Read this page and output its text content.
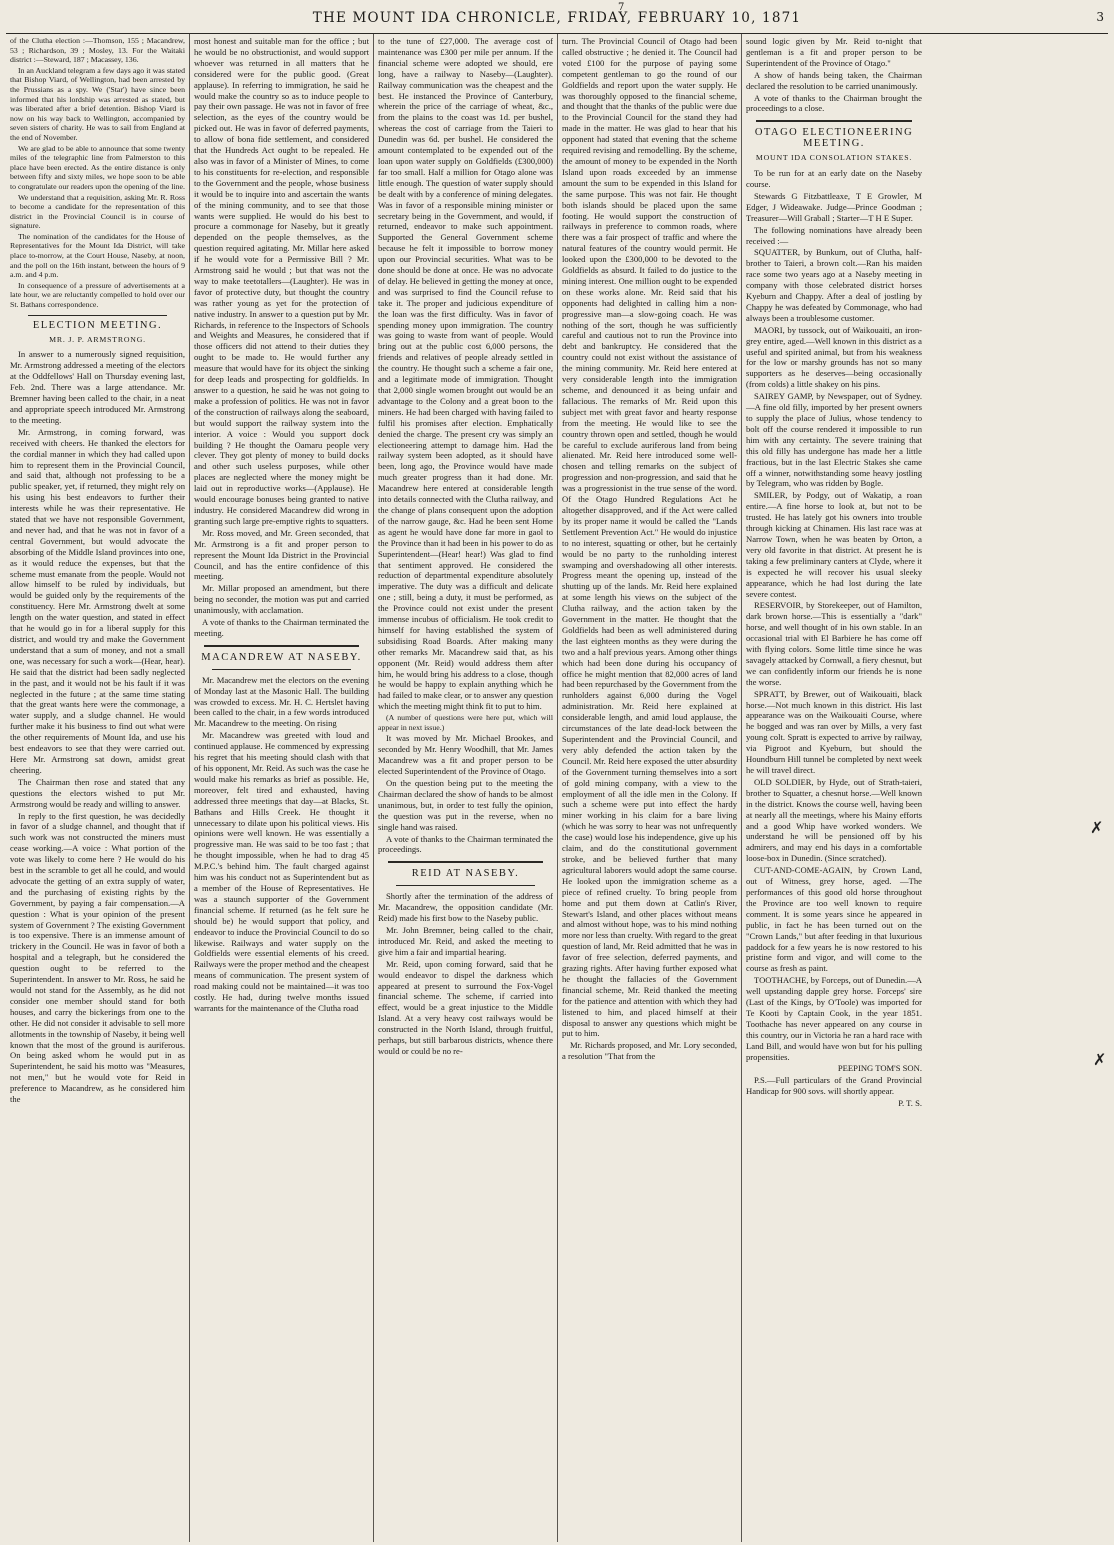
7
THE MOUNT IDA CHRONICLE, FRIDAY, FEBRUARY 10, 1871	3

of the Clutha election :—Thomson, 155 ; Macandrew, 53 ; Richardson, 39 ; Mosley, 13. For the Waitaki district :—Steward, 187 ; Macassey, 136.

In an Auckland telegram a few days ago it was stated that Bishop Viard, of Wellington, had been arrested by the Prussians as a spy. We ('Star') have since been informed that his lordship was arrested as stated, but was liberated after a brief detention. Bishop Viard is now on his way back to Wellington, accompanied by seven sisters of charity. He was to sail from England at the end of November.

We are glad to be able to announce that some twenty miles of the telegraphic line from Palmerston to this place have been erected. As the entire distance is only between fifty and sixty miles, we hope soon to be able to congratulate our readers upon the opening of the line.

We understand that a requisition, asking Mr. R. Ross to become a candidate for the representation of this district in the Provincial Council is in course of signature.

The nomination of the candidates for the House of Representatives for the Mount Ida District, will take place to-morrow, at the Court House, Naseby, at noon, and the poll on the 16th instant, between the hours of 9 a.m. and 4 p.m.

In consequence of a pressure of advertisements at a late hour, we are reluctantly compelled to hold over our St. Bathans correspondence.

ELECTION MEETING.
MR. J. P. ARMSTRONG.

In answer to a numerously signed requisition, Mr. Armstrong addressed a meeting of the electors at the Oddfellows' Hall on Thursday evening last, Feb. 2nd. There was a large attendance. Mr. Bremner having been called to the chair, in a neat and appropriate speech introduced Mr. Armstrong to the meeting.

Mr. Armstrong, in coming forward, was received with cheers. He thanked the electors for the cordial manner in which they had called upon him to represent them in the Provincial Council, and said that, although not professing to be a public speaker, yet, if returned, they might rely on his using his best endeavors to further their interests while he was their representative. He stated that we have not responsible Government, and never had, and that he was not in favor of a central Government, but would advocate the absorbing of the Middle Island provinces into one, as it would reduce the expenses, but that the scheme must emanate from the people. Would not allow himself to be ruled by individuals, but would be guided only by the requirements of the constituency. Here Mr. Armstrong dwelt at some length on the water question, and stated in effect that he would go in for a liberal supply for this district, and would try and make the Government understand that a sum of money, and not a small one, was necessary for such a work—(Hear, hear). He said that the district had been sadly neglected in the past, and it would not be his fault if it was neglected in the future ; at the same time stating that the great wants here were the commonage, a water supply, and a sludge channel. He would further make it his business to find out what were the other requirements of Mount Ida, and use his best endeavors to see that they were carried out. Here Mr. Armstrong sat down, amidst great cheering.

The Chairman then rose and stated that any questions the electors wished to put Mr. Armstrong would be ready and willing to answer.

In reply to the first question, he was decidedly in favor of a sludge channel, and thought that if such work was not constructed the miners must cease working.—A voice : What portion of the vote was likely to come here ? He would do his best in the scramble to get all he could, and would advocate the getting of an extra supply of water, and the purchasing of existing rights by the Government, by paying a fair compensation.—A question : What is your opinion of the present system of Government ? The existing Government is too expensive. There is an immense amount of trickery in the Council. He was in favor of both a hospital and a telegraph, but he considered the question ought to be referred to the Superintendent. In answer to Mr. Ross, he said he would not stand for the Assembly, as he did not consider one member should stand for both houses, and carry the bickerings from one to the other. He did not consider it advisable to sell more allotments in the township of Naseby, it being well known that the most of the ground is auriferous. On being asked whom he would put in as Superintendent, he said his motto was "Measures, not men," but he would vote for Reid in preference to Macandrew, as he considered him the

most honest and suitable man for the office ; but he would be no obstructionist, and would support whoever was returned in all matters that he considered were for the public good. (Great applause). In referring to immigration, he said he would make the country so as to induce people to pay their own passage. He was not in favor of free selection, as the eyes of the country would be picked out. He was in favor of deferred payments, to allow of bona fide settlement, and considered that the Hundreds Act ought to be repealed. He also was in favor of a Minister of Mines, to come to his constituents for re-election, and responsible to the Government and the people, whose business it would be to inquire into and ascertain the wants of the mining community, and to see that those wants were supplied. He would do his best to procure a commonage for Naseby, but it greatly depended on the people themselves, as the question required agitating. Mr. Millar here asked if he would vote for a Permissive Bill ? Mr. Armstrong said he would ; but that was not the way to make teetotallers—(Laughter). He was in favor of protective duty, but thought the country was rather young as yet for the protection of native industry. In answer to a question put by Mr. Richards, in reference to the Inspectors of Schools and Weights and Measures, he considered that if those officers did not attend to their duties they ought to be made to. He would further any measure that would have for its object the sinking for deep leads and prospecting for goldfields. In answer to a question, he said he was not going to make a profession of politics. He was not in favor of the construction of railways along the seaboard, but would support the railway system into the interior. A voice : Would you support dock building ? He thought the Oamaru people very clever. They got plenty of money to build docks and other such useless purposes, while other places are neglected where the money might be laid out in reproductive works—(Applause). He would encourage bonuses being granted to native industry. He considered Macandrew did wrong in granting such large pre-emptive rights to squatters.

Mr. Ross moved, and Mr. Green seconded, that Mr. Armstrong is a fit and proper person to represent the Mount Ida District in the Provincial Council, and has the entire confidence of this meeting.

Mr. Millar proposed an amendment, but there being no seconder, the motion was put and carried unanimously, with acclamation.

A vote of thanks to the Chairman terminated the meeting.

MACANDREW AT NASEBY.

Mr. Macandrew met the electors on the evening of Monday last at the Masonic Hall. The building was crowded to excess. Mr. H. C. Hertslet having been called to the chair, in a few words introduced Mr. Macandrew to the meeting. On rising

Mr. Macandrew was greeted with loud and continued applause. He commenced by expressing his regret that his meeting should clash with that of his opponent, Mr. Reid. As such was the case he would make his remarks as brief as possible. He, moreover, felt tired and exhausted, having addressed three meetings that day—at Blacks, St. Bathans and Hills Creek. He thought it unnecessary to dilate upon his political views. His opinions were well known. He was essentially a progressive man. He was said to be too fast ; that he thought impossible, when he had to drag 45 M.P.C.'s behind him. The fault charged against him was his conduct not as Superintendent but as a member of the House of Representatives. He was a staunch supporter of the Government financial scheme. If returned (as he felt sure he should be) he would support that policy, and endeavor to induce the Provincial Council to do so likewise. Railways and water supply on the Goldfields were essential elements of his creed. Railways were the proper method and the cheapest means of communication. The present system of road making could not be maintained—it was too costly. He had, during twelve months issued warrants for the maintenance of the Clutha road

to the tune of £27,000. The average cost of maintenance was £300 per mile per annum. If the financial scheme were adopted we should, ere long, have a railway to Naseby—(Laughter). Railway communication was the cheapest and the best. He instanced the Province of Canterbury, wherein the price of the carriage of wheat, &c., from the plains to the coast was 1d. per bushel, whereas the cost of carriage from the Taieri to Dunedin was 6d. per bushel. He considered the amount contemplated to be expended out of the loan upon water supply on Goldfields (£300,000) far too small. Half a million for Otago alone was little enough. The question of water supply should be dealt with by a conference of mining delegates. Was in favor of a responsible mining minister or secretary being in the Government, and would, if returned, endeavor to make such appointment. Supported the General Government scheme because he felt it impossible to borrow money upon our Provincial securities. What was to be done should be done at once. He was no advocate of delay. He believed in getting the money at once, and was surprised to find the Council refuse to take it. The proper and judicious expenditure of the loan was the first difficulty. Was in favor of spending money upon immigration. The country was going to waste from want of people. Would bring out at the public cost 6,000 persons, the friends and relatives of people already settled in the country. He thought such a scheme a fair one, and a legitimate mode of immigration. Thought that 2,000 single women brought out would be an advantage to the Colony and a great boon to the miners. He had been charged with having failed to fulfil his promises after election. Emphatically denied the charge. The present cry was simply an electioneering attempt to damage him. Had the railway system been adopted, as it should have been, long ago, the Province would have made much greater progress than it had done. Mr. Macandrew here entered at considerable length into details connected with the Clutha railway, and the change of plans consequent upon the adoption of the narrow gauge, &c. Had he been sent Home as agent he would have done far more in gaol to the Province than it had been in his power to do as Superintendent—(Hear! hear!) Was glad to find that sentiment approved. He considered the reduction of departmental expenditure absolutely imperative. The duty was a difficult and delicate one ; still, being a duty, it must be performed, as the Province could not exist under the present immense incubus of officialism. He took credit to himself for having established the system of subsidising Road Boards. After making many other remarks Mr. Macandrew said that, as his opponent (Mr. Reid) would address them after him, he would bring his address to a close, though he would be happy to explain anything which he had failed to make clear, or to answer any question which the meeting might think fit to put to him.

(A number of questions were here put, which will appear in next issue.)

It was moved by Mr. Michael Brookes, and seconded by Mr. Henry Woodhill, that Mr. James Macandrew was a fit and proper person to be elected Superintendent of the Province of Otago.

On the question being put to the meeting the Chairman declared the show of hands to be almost unanimous, but, in order to test fully the opinion, the question was put in the reverse, when no single hand was raised.

A vote of thanks to the Chairman terminated the proceedings.

REID AT NASEBY.

Shortly after the termination of the address of Mr. Macandrew, the opposition candidate (Mr. Reid) made his first bow to the Naseby public.

Mr. John Bremner, being called to the chair, introduced Mr. Reid, and asked the meeting to give him a fair and impartial hearing.

Mr. Reid, upon coming forward, said that he would endeavor to dispel the darkness which appeared at present to surround the Fox-Vogel financial scheme. The scheme, if carried into effect, would be a great injustice to the Middle Island. At a very heavy cost railways would be constructed in the North Island, through fruitful, perhaps, but still barbarous districts, whence there would or could be no re-

turn. The Provincial Council of Otago had been called obstructive ; he denied it. The Council had voted £100 for the purpose of paying some competent gentleman to go the round of our Goldfields and report upon the water supply. He was thoroughly opposed to the financial scheme, and thought that the thanks of the public were due to the Provincial Council for the stand they had made in the matter. He was glad to hear that his opponent had stated that evening that the scheme required revising and remodelling. By the scheme, the amount of money to be expended in the North Island upon roads exceeded by an immense amount the sum to be expended in this Island for the same purpose. This was not fair. He thought both islands should be placed upon the same footing. He would support the construction of railways in preference to common roads, where there was a fair prospect of traffic and where the natural features of the country would permit. He looked upon the £300,000 to be devoted to the Goldfields as absurd. It failed to do justice to the mining interest. One million ought to be expended on these works alone. Mr. Reid said that his opponents had delighted in calling him a non-progressive man—a slow-going coach. He was nothing of the sort, though he was sufficiently careful and cautious not to run the Province into debt and bankruptcy. He considered that the country could not exist without the assistance of the mining community. Mr. Reid here entered at very considerable length into the immigration scheme, and denounced it as being unfair and fallacious. The remarks of Mr. Reid upon this subject met with great favor and hearty response from the meeting. He would like to see the country thrown open and settled, though he would be careful to exclude auriferous land from being alienated. Mr. Reid here introduced some well-chosen and telling remarks on the subject of progression and non-progression, and said that he was a progressionist in the true sense of the word. Of the Otago Hundred Regulations Act he altogether disapproved, and if the Act were called by its proper name it would be called the "Lands Settlement Prevention Act." He would do injustice to no interest, squatting or other, but he certainly would be no party to the runholding interest swamping and overshadowing all other interests. Progress meant the opening up, instead of the shutting up of the lands. Mr. Reid here explained at some length his views on the subject of the Clutha railway, and the action taken by the Government in the matter. He thought that the Goldfields had been as well administered during the last eighteen months as they were during the two and a half previous years. Among other things which had been done during his occupancy of office he might mention that 82,000 acres of land had been repurchased by the Government from the runholders against 6,000 during the Vogel administration. Mr. Reid here explained at considerable length, and amid loud applause, the circumstances of the late dead-lock between the Superintendent and the Provincial Council, and very ably defended the action taken by the Council. Mr. Reid here exposed the utter absurdity of the Government turning themselves into a sort of gold mining company, with a view to the employment of all the idle men in the Colony. If such a scheme were put into effect the hardy miner working in his claim for a bare living (which he was sorry to hear was not unfrequently the case) would lose his independence, give up his claim, and do the constitutional government stroke, and be believed further that many agricultural laborers would adopt the same course. He looked upon the immigration scheme as a piece of refined cruelty. To bring people from home and put them down at Catlin's River, Stewart's Island, and other places without means and almost without hope, was to his mind nothing more nor less than cruelty. With regard to the great question of land, Mr. Reid admitted that he was in favor of free selection, deferred payments, and grazing rights. After having further exposed what he thought the fallacies of the Government financial scheme, Mr. Reid thanked the meeting for the patience and attention with which they had listened to him, and placed himself at their disposal to answer any questions which might be put to him.

Mr. Richards proposed, and Mr. Lory seconded, a resolution "That from the

sound logic given by Mr. Reid to-night that gentleman is a fit and proper person to be Superintendent of the Province of Otago."

A show of hands being taken, the Chairman declared the resolution to be carried unanimously.

A vote of thanks to the Chairman brought the proceedings to a close.

OTAGO ELECTIONEERING MEETING.
MOUNT IDA CONSOLATION STAKES.

To be run for at an early date on the Naseby course.

Stewards G Fitzbattleaxe, T E Growler, M Edger, J Wideawake. Judge—Prince Goodman ; Treasurer—Will Graball ; Starter—T H E Super.

The following nominations have already been received :—

SQUATTER, by Bunkum, out of Clutha, half-brother to Taieri, a brown colt.—Ran his maiden race some two years ago at a Naseby meeting in company with those celebrated district horses Kyeburn and Chappy. After a deal of jostling by Chappy he was defeated by Commonage, who had always been a troublesome customer.

MAORI, by tussock, out of Waikouaiti, an iron-grey entire, aged.—Well known in this district as a useful and spirited animal, but from his weakness for the low or marshy grounds has not so many supporters as he deserves—being occasionally (from colds) a little shakey on his pins.

SAIREY GAMP, by Newspaper, out of Sydney.—A fine old filly, imported by her present owners to supply the place of Julius, whose tendency to bolt off the course rendered it impossible to run him with any certainty. The severe training that this old filly has undergone has made her a little fractious, but in the last Electric Stakes she came off a winner, notwithstanding some heavy jostling by Telegram, who was ridden by Bogle.

SMILER, by Podgy, out of Wakatip, a roan entire.—A fine horse to look at, but not to be trusted. He has lately got his owners into trouble through kicking at Chinamen. His last race was at Narrow Town, when he was beaten by Orton, a very old favorite in that district. At present he is taking a few preliminary canters at Clyde, where it is expected he will recover his usual sleeky appearance, which he had lost during the late severe contest.

RESERVOIR, by Storekeeper, out of Hamilton, dark brown horse.—This is essentially a "dark" horse, and well thought of in his own stable. In an occasional trial with El Barbiere he has come off with flying colors. Some little time since he was savagely attacked by Cornwall, a fiery chesnut, but we can confidently inform our friends he is none the worse.

SPRATT, by Brewer, out of Waikouaiti, black horse.—Not much known in this district. His last appearance was on the Waikouaiti Course, where he bogged and was ran over by Mills, a very fast young colt. Spratt is expected to arrive by railway, via Pigroot and Kyeburn, but should the Houndburn Hill tunnel be completed by next week he will travel direct.

OLD SOLDIER, by Hyde, out of Strath-taieri, brother to Squatter, a chesnut horse.—Well known in the district. Knows the course well, having been at nearly all the meetings, where his Mainy efforts and a good Whip have worked wonders. We understand he will be pensioned off by his admirers, and may end his days in a comfortable loose-box in Dunedin. (Since scratched).

CUT-AND-COME-AGAIN, by Crown Land, out of Witness, grey horse, aged. —The performances of this good old horse throughout the Province are too well known to require comment. It is some years since he appeared in public, in fact he has been turned out on the "Crown Lands," but after feeding in that luxurious paddock for a few years he is now restored to his pristine form and vigor, and will come to the course as fresh as paint.

TOOTHACHE, by Forceps, out of Dunedin.—A well upstanding dapple grey horse. Forceps' sire (Last of the Kings, by O'Toole) was imported for Te Kooti by Captain Cook, in the year 1851. Toothache has never appeared on any course in this country, our in Victoria he ran a hard race with Land Bill, and would have won but for his pulling propensities.

PEEPING TOM'S SON.

P.S.—Full particulars of the Grand Provincial Handicap for 900 sovs. will shortly appear.

P. T. S.

✗
✗
